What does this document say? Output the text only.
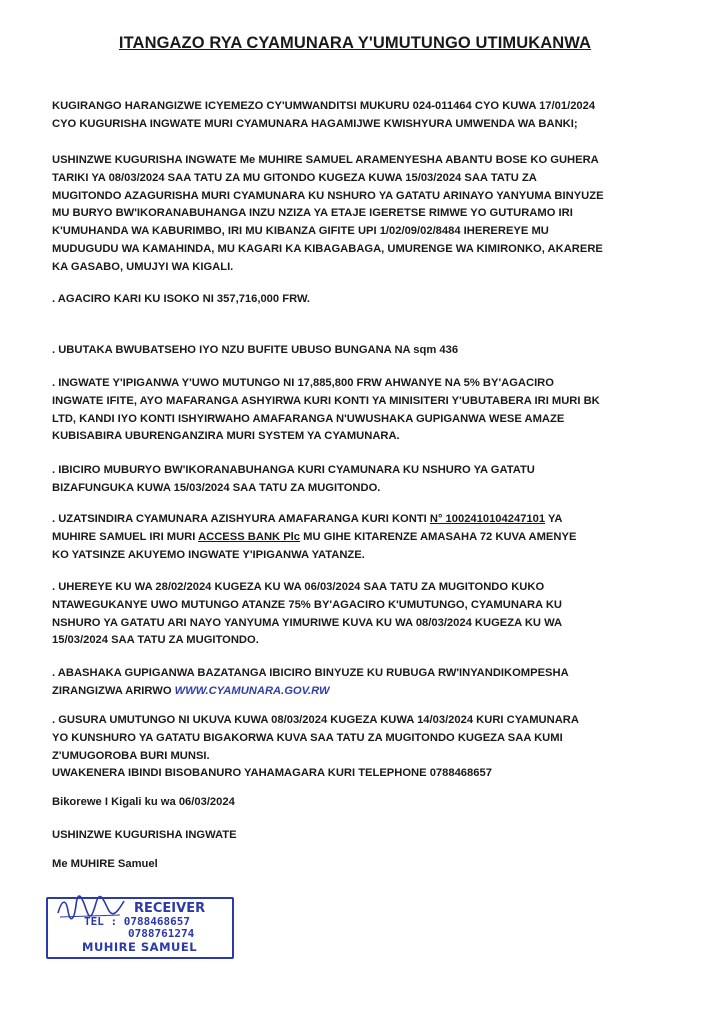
ITANGAZO RYA CYAMUNARA Y'UMUTUNGO UTIMUKANWA
KUGIRANGO HARANGIZWE ICYEMEZO CY'UMWANDITSI MUKURU 024-011464 CYO KUWA 17/01/2024
CYO KUGURISHA INGWATE MURI CYAMUNARA HAGAMIJWE KWISHYURA UMWENDA WA BANKI;
USHINZWE KUGURISHA INGWATE Me MUHIRE SAMUEL ARAMENYESHA ABANTU BOSE KO GUHERA
TARIKI YA 08/03/2024 SAA TATU ZA MU GITONDO KUGEZA KUWA 15/03/2024 SAA TATU ZA
MUGITONDO AZAGURISHA MURI CYAMUNARA KU NSHURO YA GATATU ARINAYO YANYUMA BINYUZE
MU BURYO BW'IKORANABUHANGA INZU NZIZA YA ETAJE IGERETSE RIMWE YO GUTURAMO IRI
K'UMUHANDA WA KABURIMBO, IRI MU KIBANZA GIFITE UPI 1/02/09/02/8484 IHEREREYE MU
MUDUGUDU WA KAMAHINDA, MU KAGARI KA KIBAGABAGA, UMURENGE WA KIMIRONKO, AKARERE
KA GASABO, UMUJYI WA KIGALI.
. AGACIRO KARI KU ISOKO NI 357,716,000 FRW.
. UBUTAKA BWUBATSEHO IYO NZU BUFITE UBUSO BUNGANA NA sqm 436
. INGWATE Y'IPIGANWA Y'UWO MUTUNGO NI 17,885,800 FRW AHWANYE NA 5% BY'AGACIRO
INGWATE IFITE, AYO MAFARANGA ASHYIRWA KURI KONTI YA MINISITERI Y'UBUTABERA IRI MURI BK
LTD, KANDI IYO KONTI ISHYIRWAHO AMAFARANGA N'UWUSHAKA GUPIGANWA WESE AMAZE
KUBISABIRA UBURENGANZIRA MURI SYSTEM YA CYAMUNARA.
. IBICIRO MUBURYO BW'IKORANABUHANGA KURI CYAMUNARA KU NSHURO YA GATATU
BIZAFUNGUKA KUWA 15/03/2024 SAA TATU ZA MUGITONDO.
. UZATSINDIRA CYAMUNARA AZISHYURA AMAFARANGA KURI KONTI N° 1002410104247101 YA
MUHIRE SAMUEL IRI MURI ACCESS BANK Plc MU GIHE KITARENZE AMASAHA 72 KUVA AMENYE
KO YATSINZE AKUYEMO INGWATE Y'IPIGANWA YATANZE.
. UHEREYE KU WA 28/02/2024 KUGEZA KU WA 06/03/2024 SAA TATU ZA MUGITONDO KUKO
NTAWEGUKANYE UWO MUTUNGO ATANZE 75% BY'AGACIRO K'UMUTUNGO, CYAMUNARA KU
NSHURO YA GATATU ARI NAYO YANYUMA YIMURIWE KUVA KU WA 08/03/2024 KUGEZA KU WA
15/03/2024 SAA TATU ZA MUGITONDO.
. ABASHAKA GUPIGANWA BAZATANGA IBICIRO BINYUZE KU RUBUGA RW'INYANDIKOMPESHA
ZIRANGIZWA ARIRWO WWW.CYAMUNARA.GOV.RW
. GUSURA UMUTUNGO NI UKUVA KUWA 08/03/2024 KUGEZA KUWA 14/03/2024 KURI CYAMUNARA
YO KUNSHURO YA GATATU BIGAKORWA KUVA SAA TATU ZA MUGITONDO KUGEZA SAA KUMI
Z'UMUGOROBA BURI MUNSI.
UWAKENERA IBINDI BISOBANURO YAHAMAGARA KURI TELEPHONE 0788468657
Bikorewe I Kigali ku wa 06/03/2024
USHINZWE KUGURISHA INGWATE
Me MUHIRE Samuel
RECEIVER
TEL : 0788468657
0788761274
MUHIRE SAMUEL
